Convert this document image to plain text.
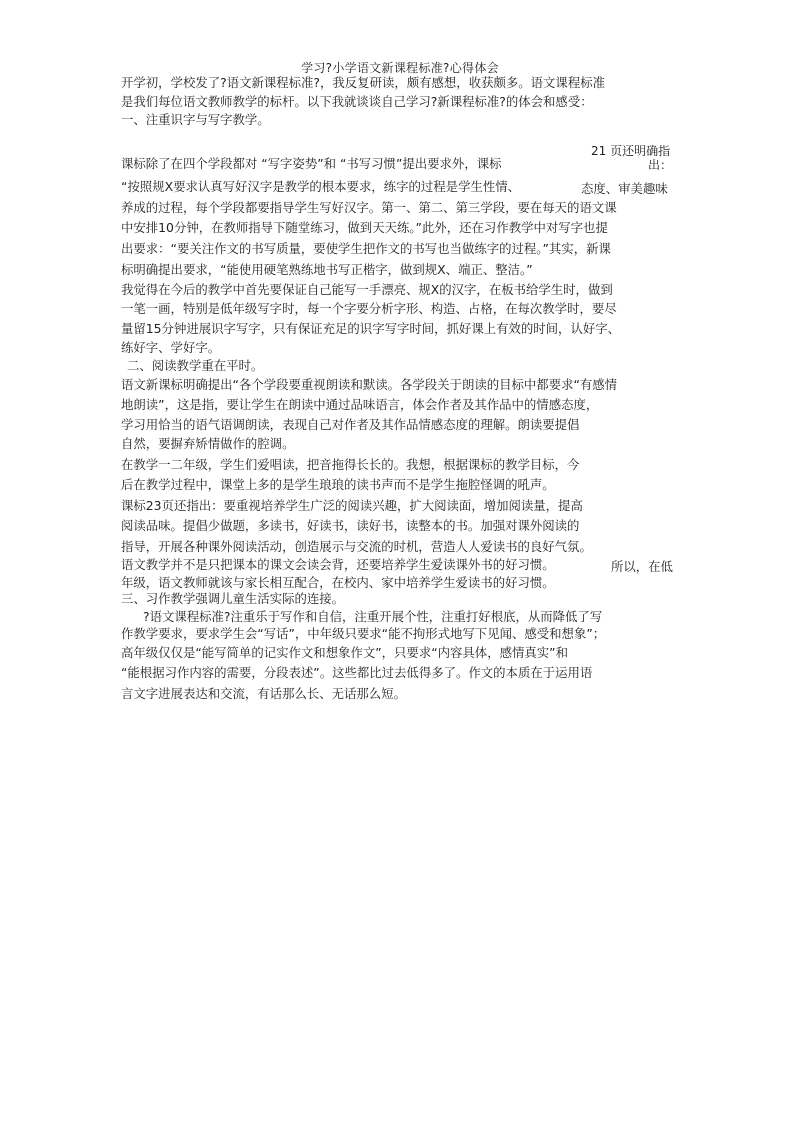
学习?小学语文新课程标准?心得体会
开学初，学校发了?语文新课程标准?，我反复研读，颇有感想，收获颇多。语文课程标准
是我们每位语文教师教学的标杆。以下我就谈谈自己学习?新课程标准?的体会和感受：
一、注重识字与写字教学。
21 页还明确指
课标除了在四个学段都对 “写字姿势”和 “书写习惯”提出要求外，课标	出：
“按照规Ⅹ要求认真写好汉字是教学的根本要求，练字的过程是学生性情、	态度、审美趣味
养成的过程，每个学段都要指导学生写好汉字。第一、第二、第三学段，要在每天的语文课
中安排10分钟，在教师指导下随堂练习，做到天天练。”此外，还在习作教学中对写字也提
出要求：“要关注作文的书写质量，要使学生把作文的书写也当做练字的过程。”其实，新课
标明确提出要求，“能使用硬笔熟练地书写正楷字，做到规Ⅹ、端正、整洁。”
我觉得在今后的教学中首先要保证自己能写一手漂亮、规Ⅹ的汉字，在板书给学生时，做到
一笔一画，特别是低年级写字时，每一个字要分析字形、构造、占格，在每次教学时，要尽
量留15分钟进展识字写字，只有保证充足的识字写字时间，抓好课上有效的时间，认好字、
练好字、学好字。
二、阅读教学重在平时。
语文新课标明确提出“各个学段要重视朗读和默读。各学段关于朗读的目标中都要求“有感情
地朗读”，这是指，要让学生在朗读中通过品味语言，体会作者及其作品中的情感态度，
学习用恰当的语气语调朗读，表现自己对作者及其作品情感态度的理解。朗读要提倡
自然，要摒弃矫情做作的腔调。
在教学一二年级，学生们爱唱读，把音拖得长长的。我想，根据课标的教学目标，今
后在教学过程中，课堂上多的是学生琅琅的读书声而不是学生拖腔怪调的吼声。
课标23页还指出：要重视培养学生广泛的阅读兴趣，扩大阅读面，增加阅读量，提高
阅读品味。提倡少做题，多读书，好读书，读好书，读整本的书。加强对课外阅读的
指导，开展各种课外阅读活动，创造展示与交流的时机，营造人人爱读书的良好气氛。
语文教学并不是只把课本的课文会读会背，还要培养学生爱读课外书的好习惯。	所以，在低
年级，语文教师就该与家长相互配合，在校内、家中培养学生爱读书的好习惯。
三、习作教学强调儿童生活实际的连接。
?语文课程标准?注重乐于写作和自信，注重开展个性，注重打好根底，从而降低了写
作教学要求，要求学生会“写话”，中年级只要求“能不拘形式地写下见闻、感受和想象”；
高年级仅仅是“能写简单的记实作文和想象作文”，只要求“内容具体，感情真实”和
“能根据习作内容的需要，分段表述”。这些都比过去低得多了。作文的本质在于运用语
言文字进展表达和交流，有话那么长、无话那么短。
